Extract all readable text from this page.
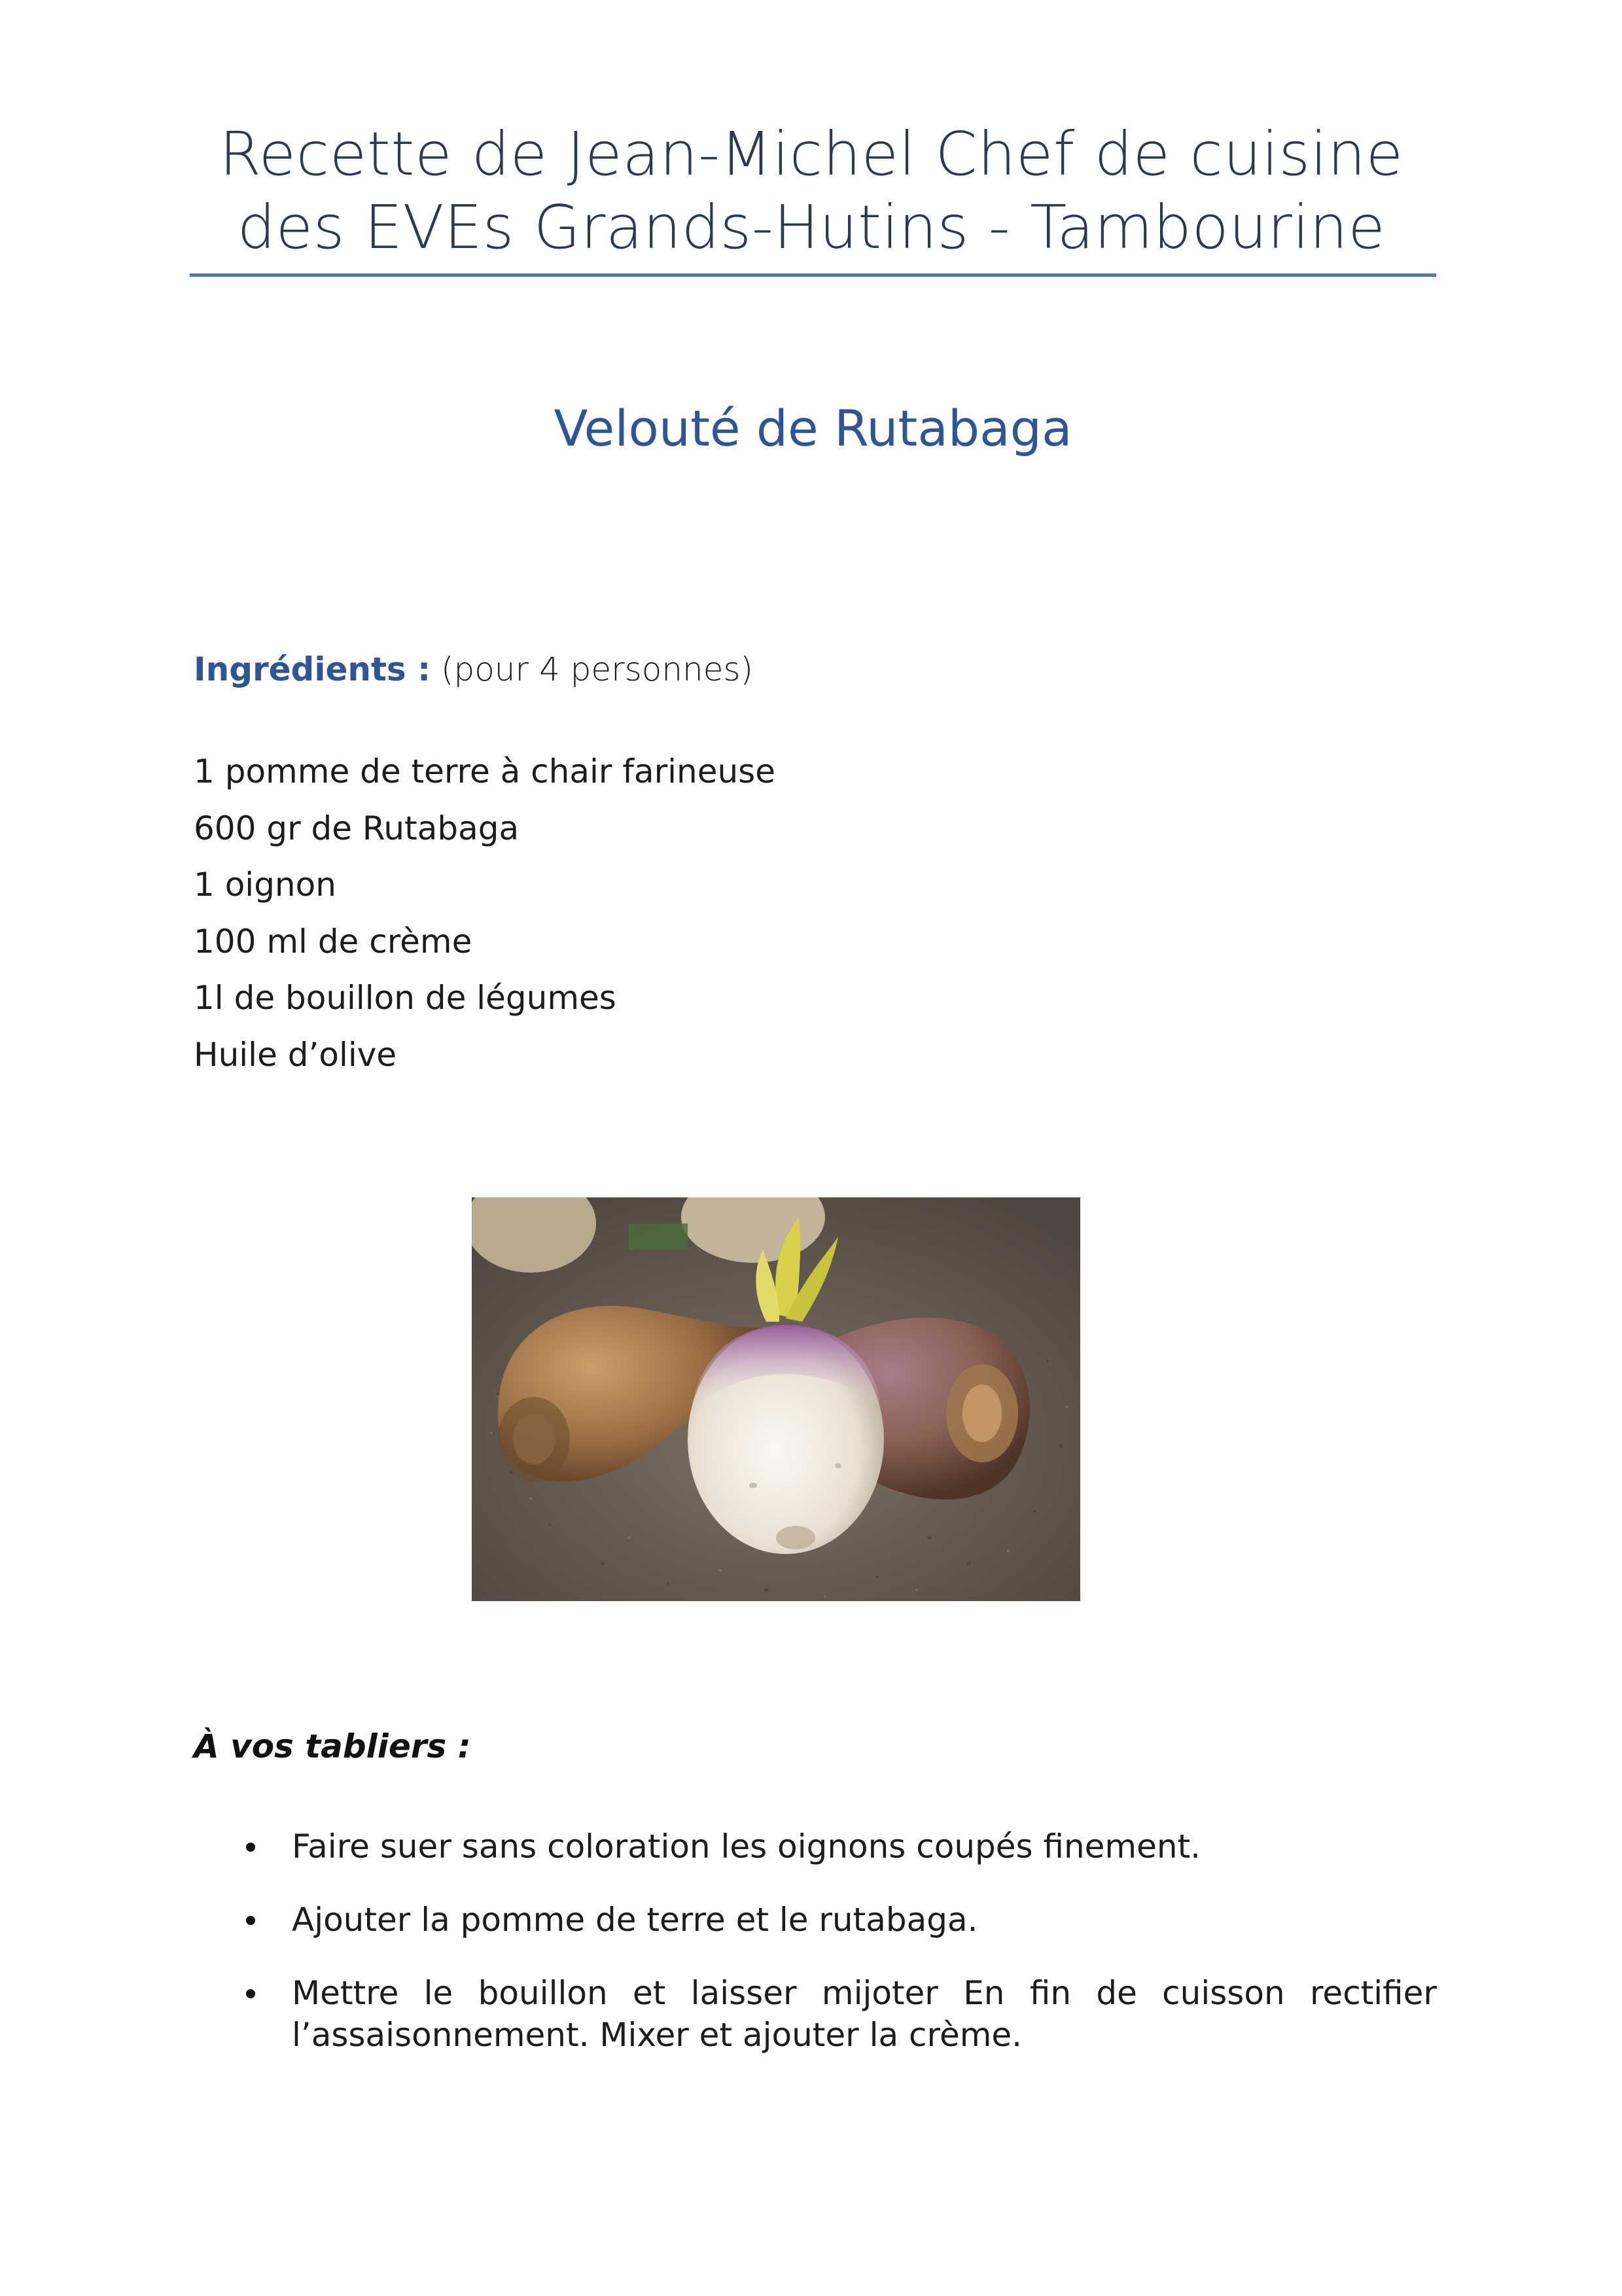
Recette de Jean-Michel Chef de cuisine
des EVEs Grands-Hutins - Tambourine
Velouté de Rutabaga
Ingrédients : (pour 4 personnes)
1 pomme de terre à chair farineuse
600 gr de Rutabaga
1 oignon
100 ml de crème
1l de bouillon de légumes
Huile d’olive
À vos tabliers :
Faire suer sans coloration les oignons coupés finement.
Ajouter la pomme de terre et le rutabaga.
Mettre le bouillon et laisser mijoter En fin de cuisson rectifier l’assaisonnement. Mixer et ajouter la crème.
